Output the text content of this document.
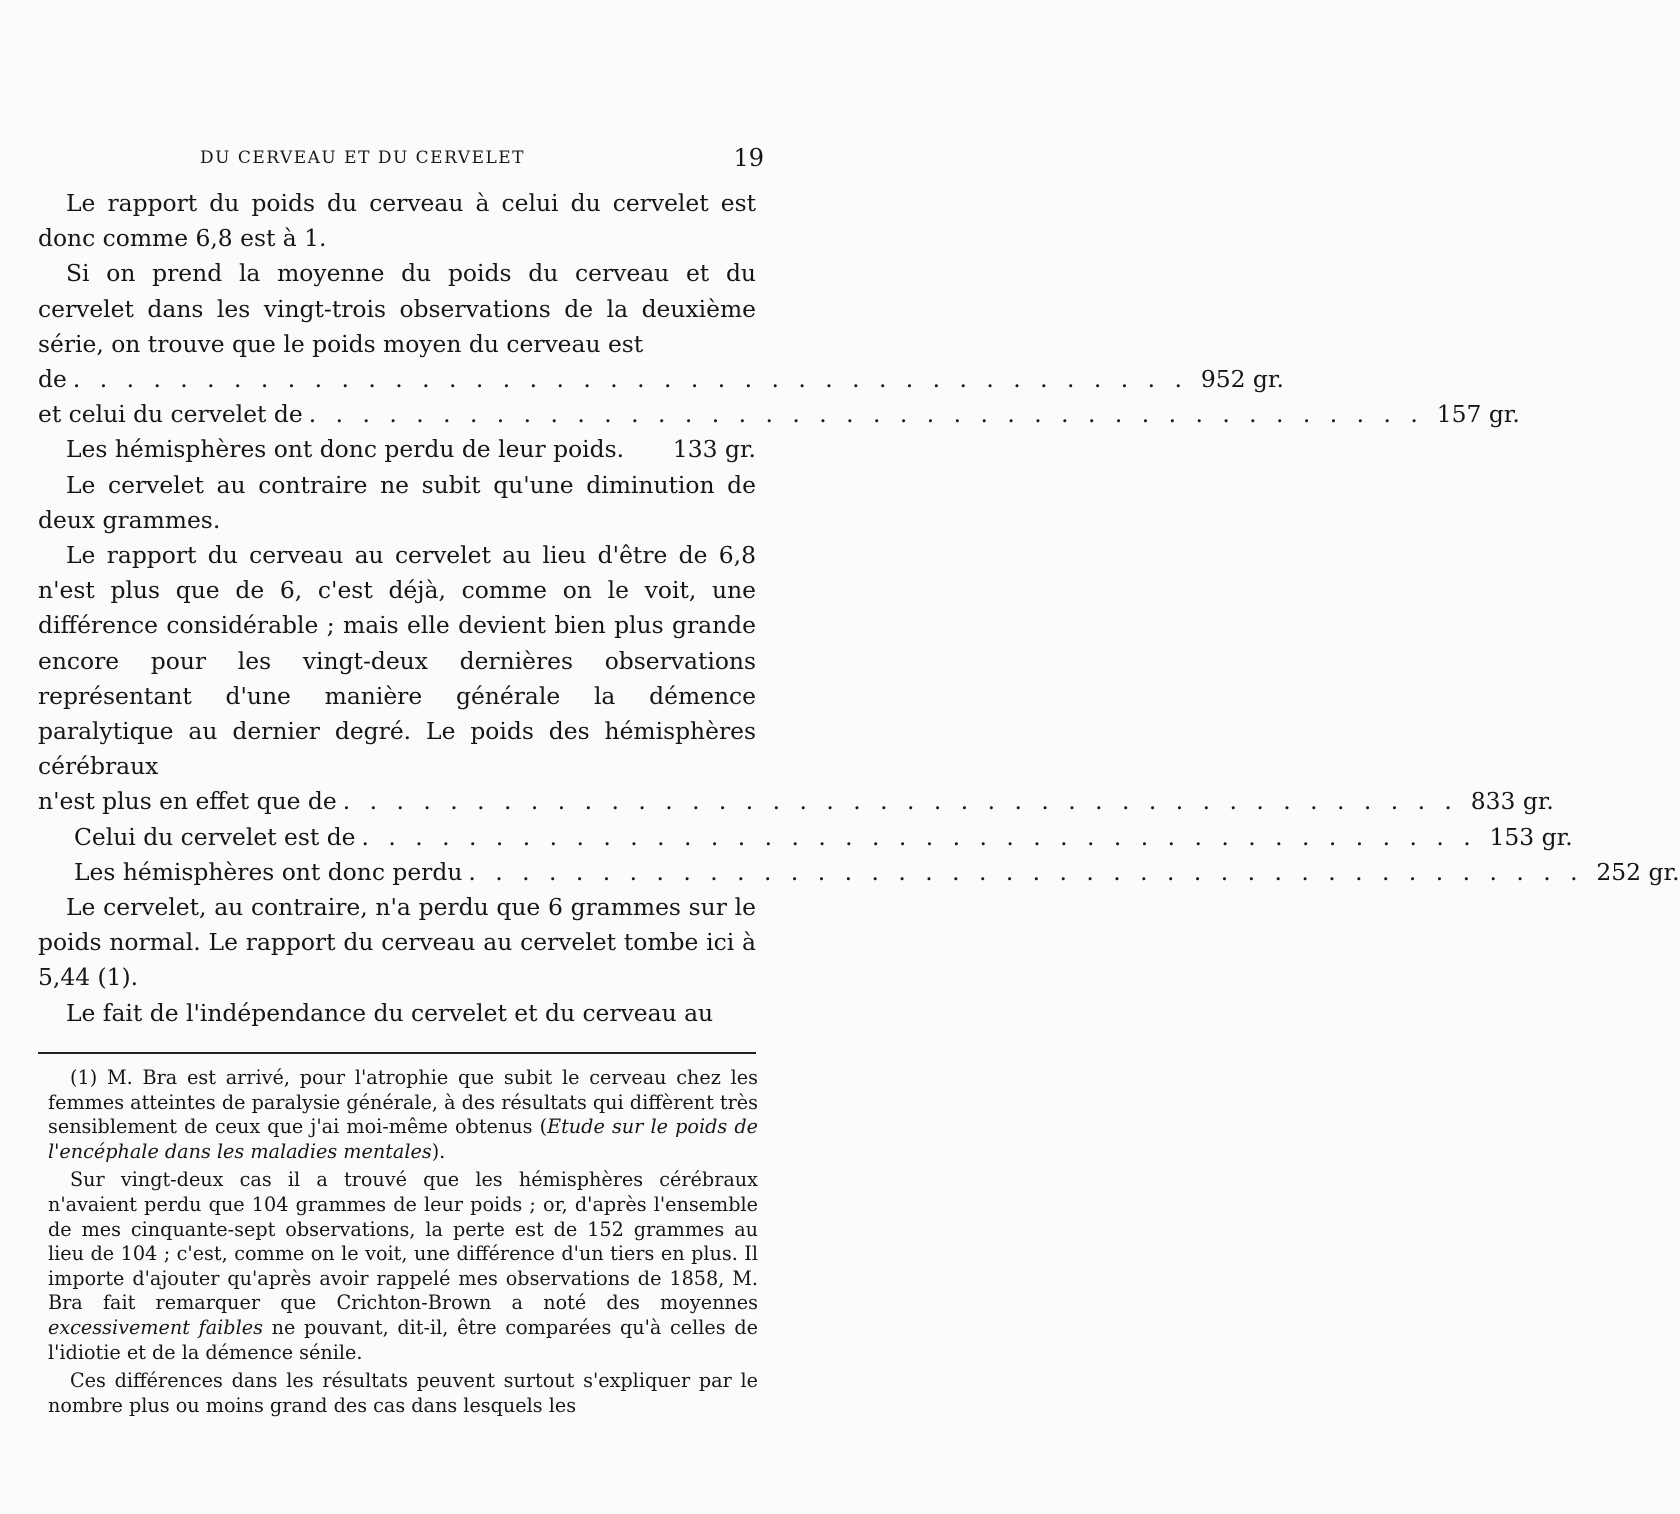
DU CERVEAU ET DU CERVELET	19

Le rapport du poids du cerveau à celui du cervelet est donc comme 6,8 est à 1.

Si on prend la moyenne du poids du cerveau et du cervelet dans les vingt-trois observations de la deuxième série, on trouve que le poids moyen du cerveau est

de . . . . . . . . . . . . . . . . . . . . . . . . . . . . . . . . . . . . . . . . . . 952 gr.
et celui du cervelet de . . . . . . . . . . . . . . . . . . . . . . . . . . . . . . . . . . . . . . . . . . 157 gr.
Les hémisphères ont donc perdu de leur poids. 133 gr.

Le cervelet au contraire ne subit qu'une diminution de deux grammes.

Le rapport du cerveau au cervelet au lieu d'être de 6,8 n'est plus que de 6, c'est déjà, comme on le voit, une différence considérable ; mais elle devient bien plus grande encore pour les vingt-deux dernières observations représentant d'une manière générale la démence paralytique au dernier degré. Le poids des hémisphères cérébraux

n'est plus en effet que de . . . . . . . . . . . . . . . . . . . . . . . . . . . . . . . . . . . . . . . . . . 833 gr.
Celui du cervelet est de . . . . . . . . . . . . . . . . . . . . . . . . . . . . . . . . . . . . . . . . . . 153 gr.
Les hémisphères ont donc perdu . . . . . . . . . . . . . . . . . . . . . . . . . . . . . . . . . . . . . . . . . . 252 gr.

Le cervelet, au contraire, n'a perdu que 6 grammes sur le poids normal. Le rapport du cerveau au cervelet tombe ici à 5,44 (1).

Le fait de l'indépendance du cervelet et du cerveau au

(1) M. Bra est arrivé, pour l'atrophie que subit le cerveau chez les femmes atteintes de paralysie générale, à des résultats qui diffèrent très sensiblement de ceux que j'ai moi-même obtenus (Etude sur le poids de l'encéphale dans les maladies mentales).

Sur vingt-deux cas il a trouvé que les hémisphères cérébraux n'avaient perdu que 104 grammes de leur poids ; or, d'après l'ensemble de mes cinquante-sept observations, la perte est de 152 grammes au lieu de 104 ; c'est, comme on le voit, une différence d'un tiers en plus. Il importe d'ajouter qu'après avoir rappelé mes observations de 1858, M. Bra fait remarquer que Crichton-Brown a noté des moyennes excessivement faibles ne pouvant, dit-il, être comparées qu'à celles de l'idiotie et de la démence sénile.

Ces différences dans les résultats peuvent surtout s'expliquer par le nombre plus ou moins grand des cas dans lesquels les
